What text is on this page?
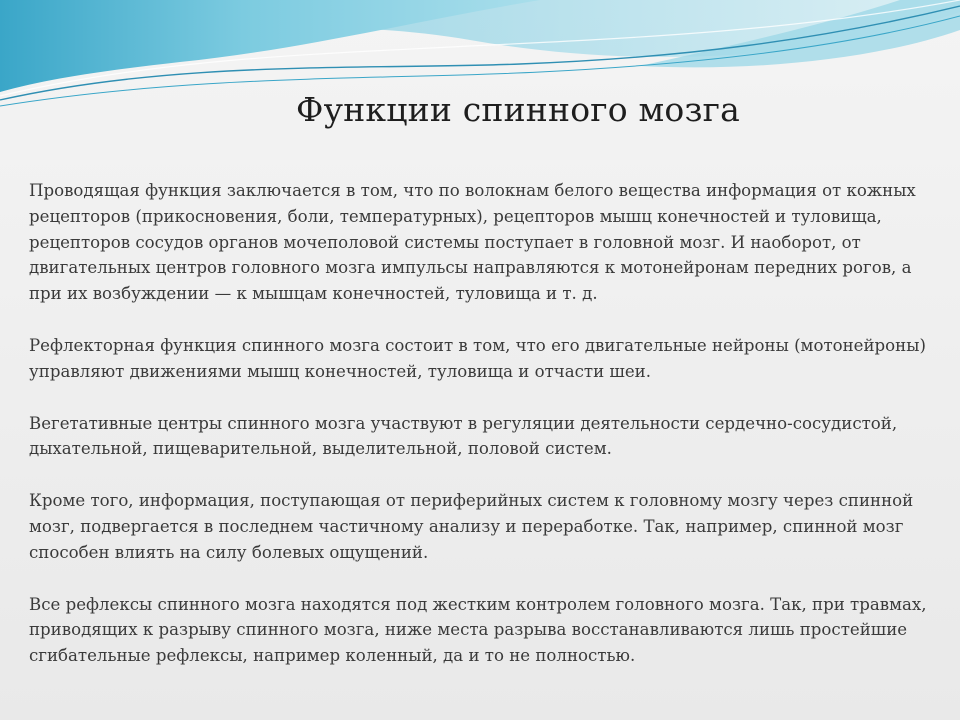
Функции спинного мозга

Проводящая функция заключается в том, что по волокнам белого вещества информация от кожных рецепторов (прикосновения, боли, температурных), рецепторов мышц конечностей и туловища, рецепторов сосудов органов мочеполовой системы поступает в головной мозг. И наоборот, от двигательных центров головного мозга импульсы направляются к мотонейронам передних рогов, а при их возбуждении — к мышцам конечностей, туловища и т. д.

Рефлекторная функция спинного мозга состоит в том, что его двигательные нейроны (мотонейроны) управляют движениями мышц конечностей, туловища и отчасти шеи.

Вегетативные центры спинного мозга участвуют в регуляции деятельности сердечно-сосудистой, дыхательной, пищеварительной, выделительной, половой систем.

Кроме того, информация, поступающая от периферийных систем к головному мозгу через спинной мозг, подвергается в последнем частичному анализу и переработке. Так, например, спинной мозг способен влиять на силу болевых ощущений.

Все рефлексы спинного мозга находятся под жестким контролем головного мозга. Так, при травмах, приводящих к разрыву спинного мозга, ниже места разрыва восстанавливаются лишь простейшие сгибательные рефлексы, например коленный, да и то не полностью.
